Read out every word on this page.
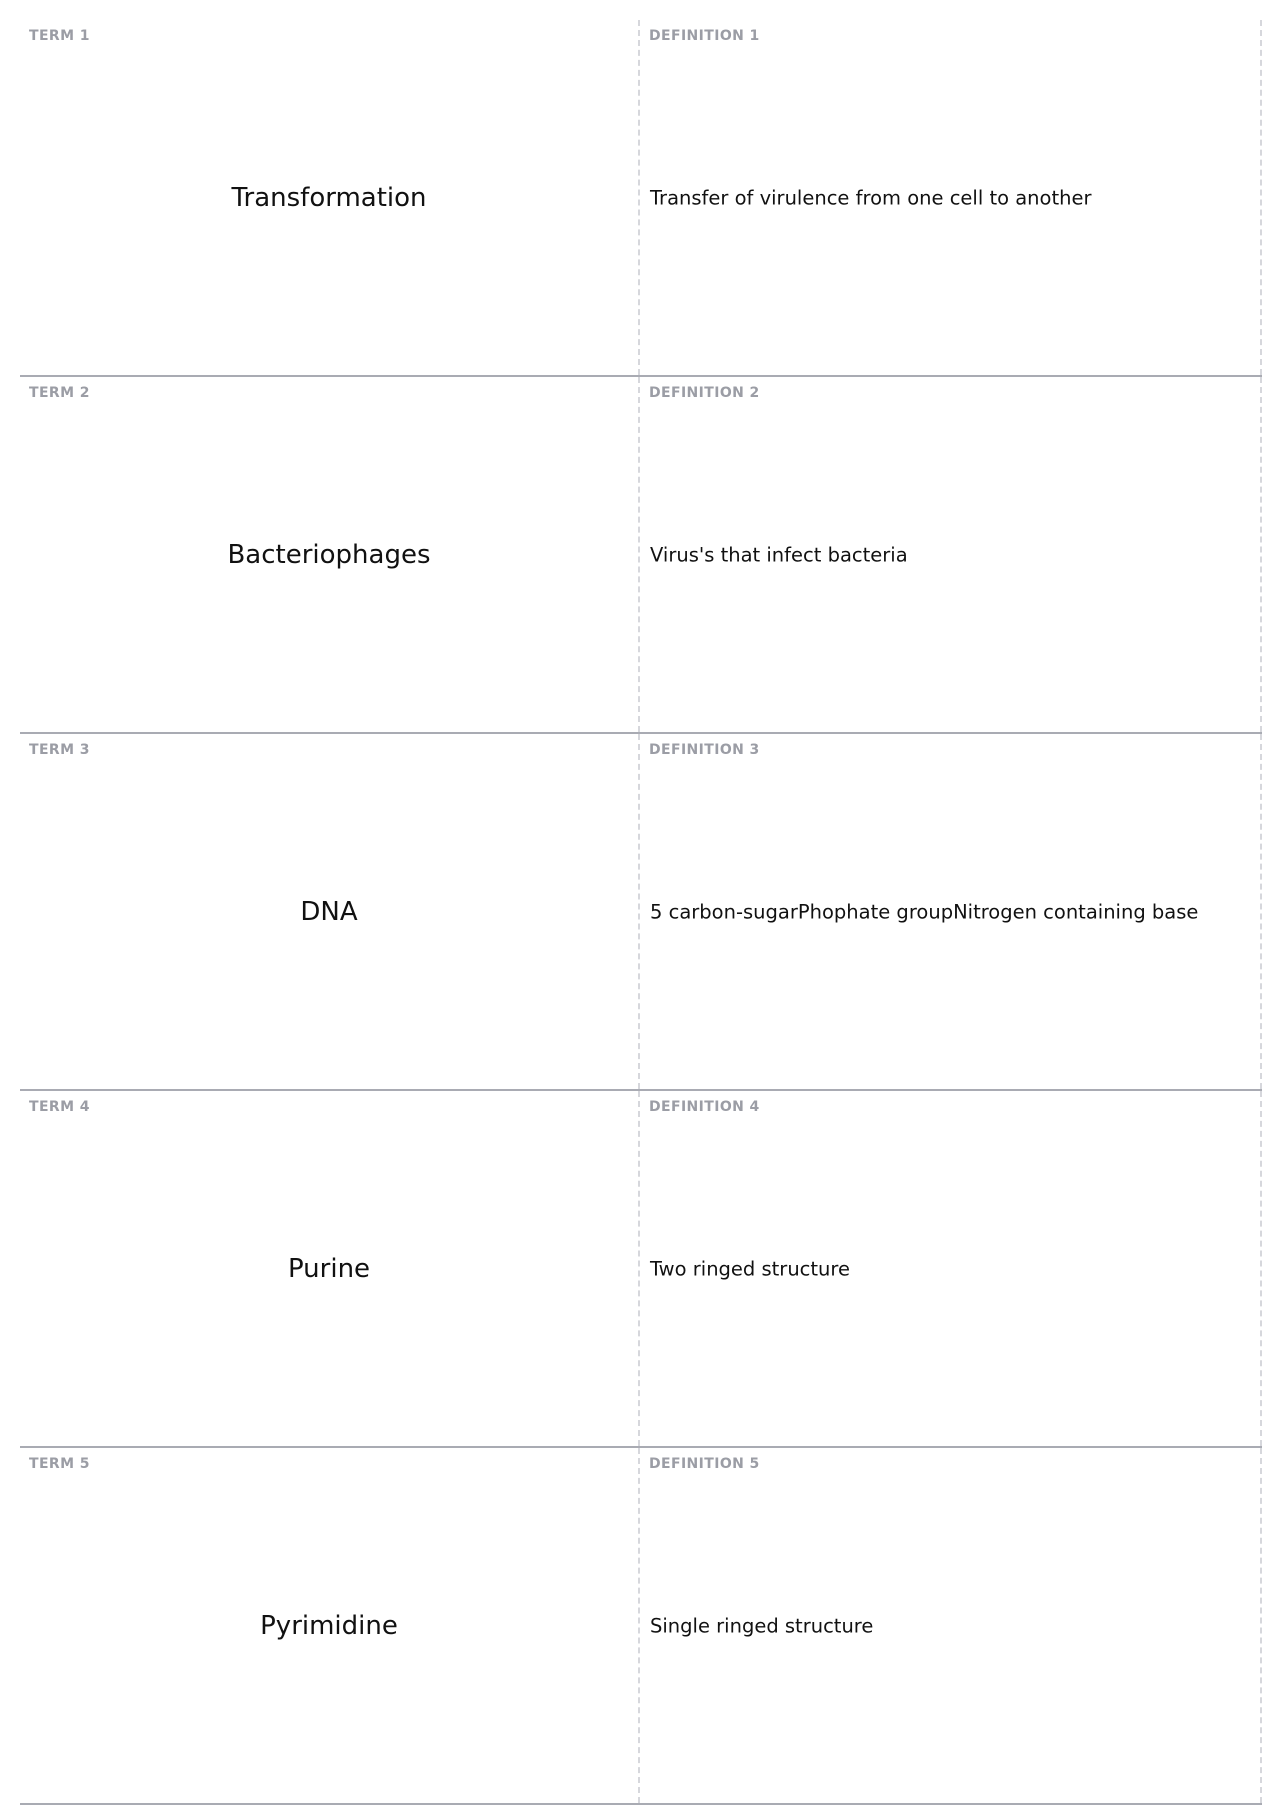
TERM 1
Transformation
DEFINITION 1
Transfer of virulence from one cell to another
TERM 2
Bacteriophages
DEFINITION 2
Virus's that infect bacteria
TERM 3
DNA
DEFINITION 3
5 carbon-sugarPhophate groupNitrogen containing base
TERM 4
Purine
DEFINITION 4
Two ringed structure
TERM 5
Pyrimidine
DEFINITION 5
Single ringed structure
